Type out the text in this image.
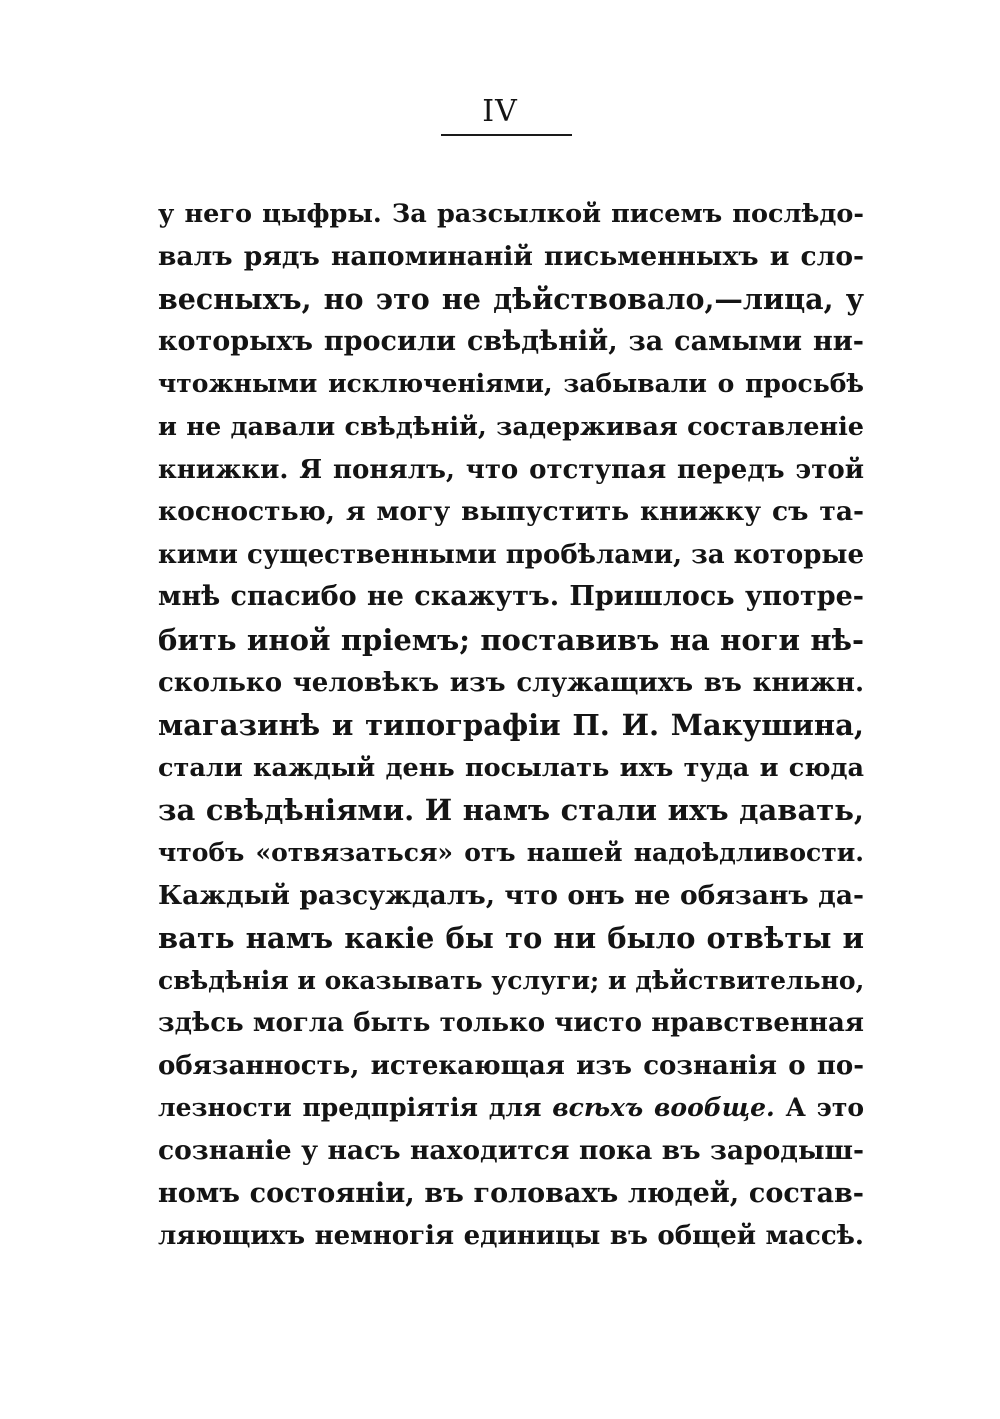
IV
у него цыфры. За разсылкой писемъ послѣдо-
валъ рядъ напоминаній письменныхъ и сло-
весныхъ, но это не дѣйствовало,—лица, у
которыхъ просили свѣдѣній, за самыми ни-
чтожными исключеніями, забывали о просьбѣ
и не давали свѣдѣній, задерживая составленіе
книжки. Я понялъ, что отступая передъ этой
косностью, я могу выпустить книжку съ та-
кими существенными пробѣлами, за которые
мнѣ спасибо не скажутъ. Пришлось употре-
бить иной пріемъ; поставивъ на ноги нѣ-
сколько человѣкъ изъ служащихъ въ книжн.
магазинѣ и типографіи П. И. Макушина,
стали каждый день посылать ихъ туда и сюда
за свѣдѣніями. И намъ стали ихъ давать,
чтобъ «отвязаться» отъ нашей надоѣдливости.
Каждый разсуждалъ, что онъ не обязанъ да-
вать намъ какіе бы то ни было отвѣты и
свѣдѣнія и оказывать услуги; и дѣйствительно,
здѣсь могла быть только чисто нравственная
обязанность, истекающая изъ сознанія о по-
лезности предпріятія для всѣхъ вообще. А это
сознаніе у насъ находится пока въ зародыш-
номъ состояніи, въ головахъ людей, состав-
ляющихъ немногія единицы въ общей массѣ.
